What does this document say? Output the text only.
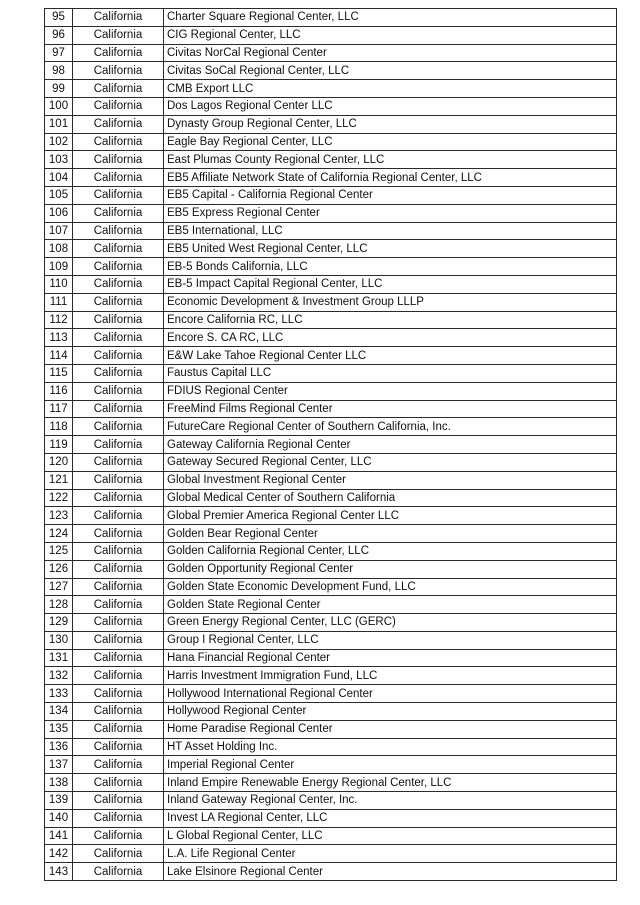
95	California	Charter Square Regional Center, LLC
96	California	CIG Regional Center, LLC
97	California	Civitas NorCal Regional Center
98	California	Civitas SoCal Regional Center, LLC
99	California	CMB Export LLC
100	California	Dos Lagos Regional Center LLC
101	California	Dynasty Group Regional Center, LLC
102	California	Eagle Bay Regional Center, LLC
103	California	East Plumas County Regional Center, LLC
104	California	EB5 Affiliate Network State of California Regional Center, LLC
105	California	EB5 Capital - California Regional Center
106	California	EB5 Express Regional Center
107	California	EB5 International, LLC
108	California	EB5 United West Regional Center, LLC
109	California	EB-5 Bonds California, LLC
110	California	EB-5 Impact Capital Regional Center, LLC
111	California	Economic Development & Investment Group LLLP
112	California	Encore California RC, LLC
113	California	Encore S. CA RC, LLC
114	California	E&W Lake Tahoe Regional Center LLC
115	California	Faustus Capital LLC
116	California	FDIUS Regional Center
117	California	FreeMind Films Regional Center
118	California	FutureCare Regional Center of Southern California, Inc.
119	California	Gateway California Regional Center
120	California	Gateway Secured Regional Center, LLC
121	California	Global Investment Regional Center
122	California	Global Medical Center of Southern California
123	California	Global Premier America Regional Center LLC
124	California	Golden Bear Regional Center
125	California	Golden California Regional Center, LLC
126	California	Golden Opportunity Regional Center
127	California	Golden State Economic Development Fund, LLC
128	California	Golden State Regional Center
129	California	Green Energy Regional Center, LLC (GERC)
130	California	Group I Regional Center, LLC
131	California	Hana Financial Regional Center
132	California	Harris Investment Immigration Fund, LLC
133	California	Hollywood International Regional Center
134	California	Hollywood Regional Center
135	California	Home Paradise Regional Center
136	California	HT Asset Holding Inc.
137	California	Imperial Regional Center
138	California	Inland Empire Renewable Energy Regional Center, LLC
139	California	Inland Gateway Regional Center, Inc.
140	California	Invest LA Regional Center, LLC
141	California	L Global Regional Center, LLC
142	California	L.A. Life Regional Center
143	California	Lake Elsinore Regional Center
